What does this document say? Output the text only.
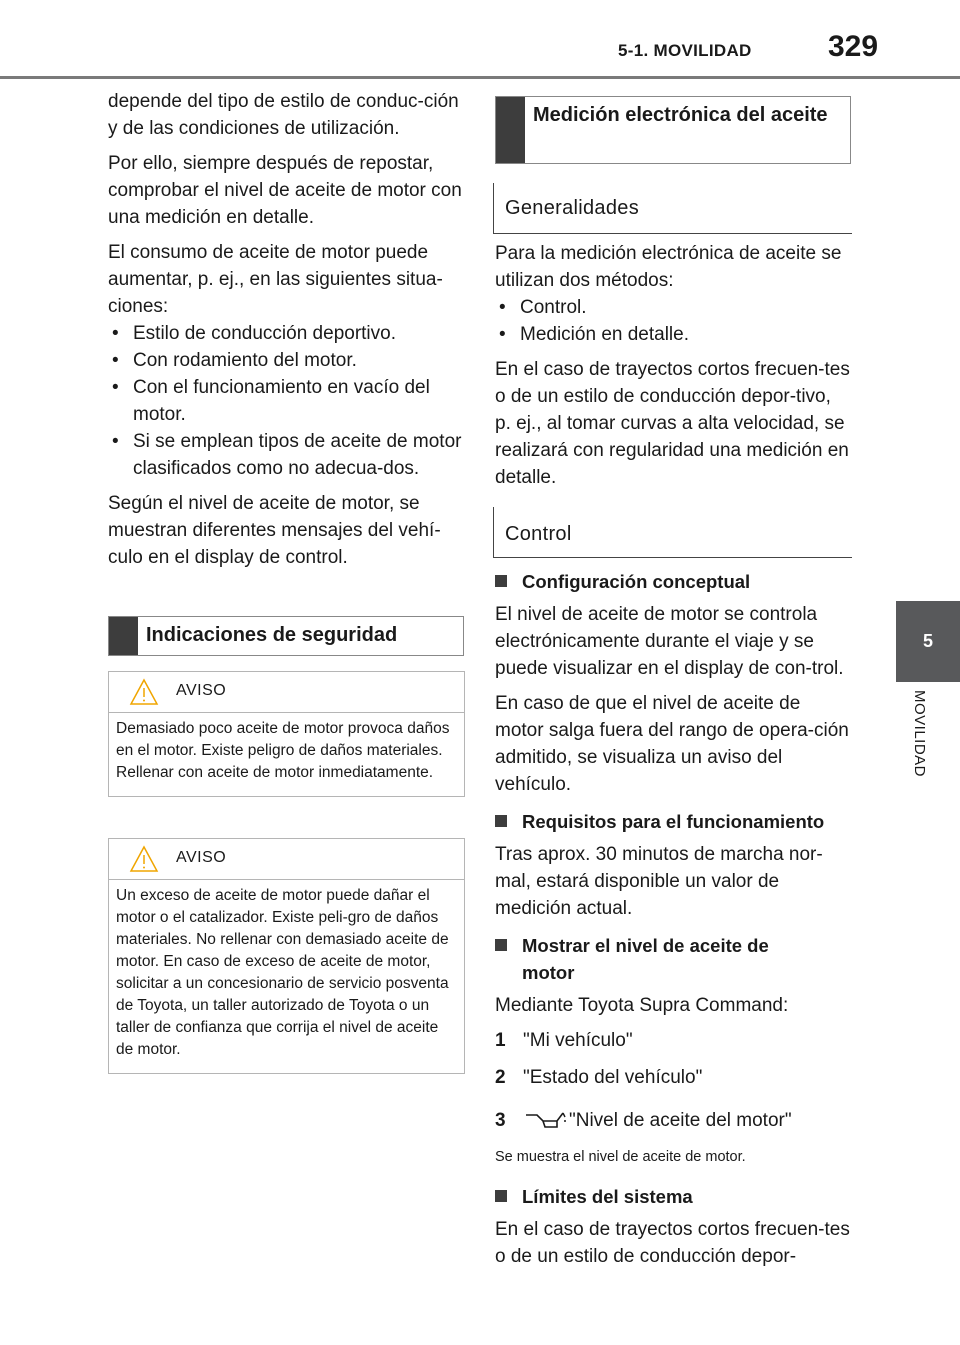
5-1. MOVILIDAD	329
5
MOVILIDAD

depende del tipo de estilo de conduc-ción y de las condiciones de utilización.

Por ello, siempre después de repostar, comprobar el nivel de aceite de motor con una medición en detalle.

El consumo de aceite de motor puede aumentar, p. ej., en las siguientes situa-ciones:

• Estilo de conducción deportivo.
• Con rodamiento del motor.
• Con el funcionamiento en vacío del motor.
• Si se emplean tipos de aceite de motor clasificados como no adecua-dos.

Según el nivel de aceite de motor, se muestran diferentes mensajes del vehí-culo en el display de control.

Indicaciones de seguridad
AVISO
Demasiado poco aceite de motor provoca daños en el motor. Existe peligro de daños materiales. Rellenar con aceite de motor inmediatamente.
AVISO
Un exceso de aceite de motor puede dañar el motor o el catalizador. Existe peli-gro de daños materiales. No rellenar con demasiado aceite de motor. En caso de exceso de aceite de motor, solicitar a un concesionario de servicio posventa de Toyota, un taller autorizado de Toyota o un taller de confianza que corrija el nivel de aceite de motor.
Medición electrónica del aceite
Generalidades

Para la medición electrónica de aceite se utilizan dos métodos:

• Control.
• Medición en detalle.

En el caso de trayectos cortos frecuen-tes o de un estilo de conducción depor-tivo, p. ej., al tomar curvas a alta velocidad, se realizará con regularidad una medición en detalle.

Control
Configuración conceptual

El nivel de aceite de motor se controla electrónicamente durante el viaje y se puede visualizar en el display de con-trol.

En caso de que el nivel de aceite de motor salga fuera del rango de opera-ción admitido, se visualiza un aviso del vehículo.

Requisitos para el funcionamiento

Tras aprox. 30 minutos de marcha nor-mal, estará disponible un valor de medición actual.

Mostrar el nivel de aceite de motor

Mediante Toyota Supra Command:

1 "Mi vehículo"
2 "Estado del vehículo"
3	"Nivel de aceite del motor"
Se muestra el nivel de aceite de motor.
Límites del sistema

En el caso de trayectos cortos frecuen-tes o de un estilo de conducción depor-
